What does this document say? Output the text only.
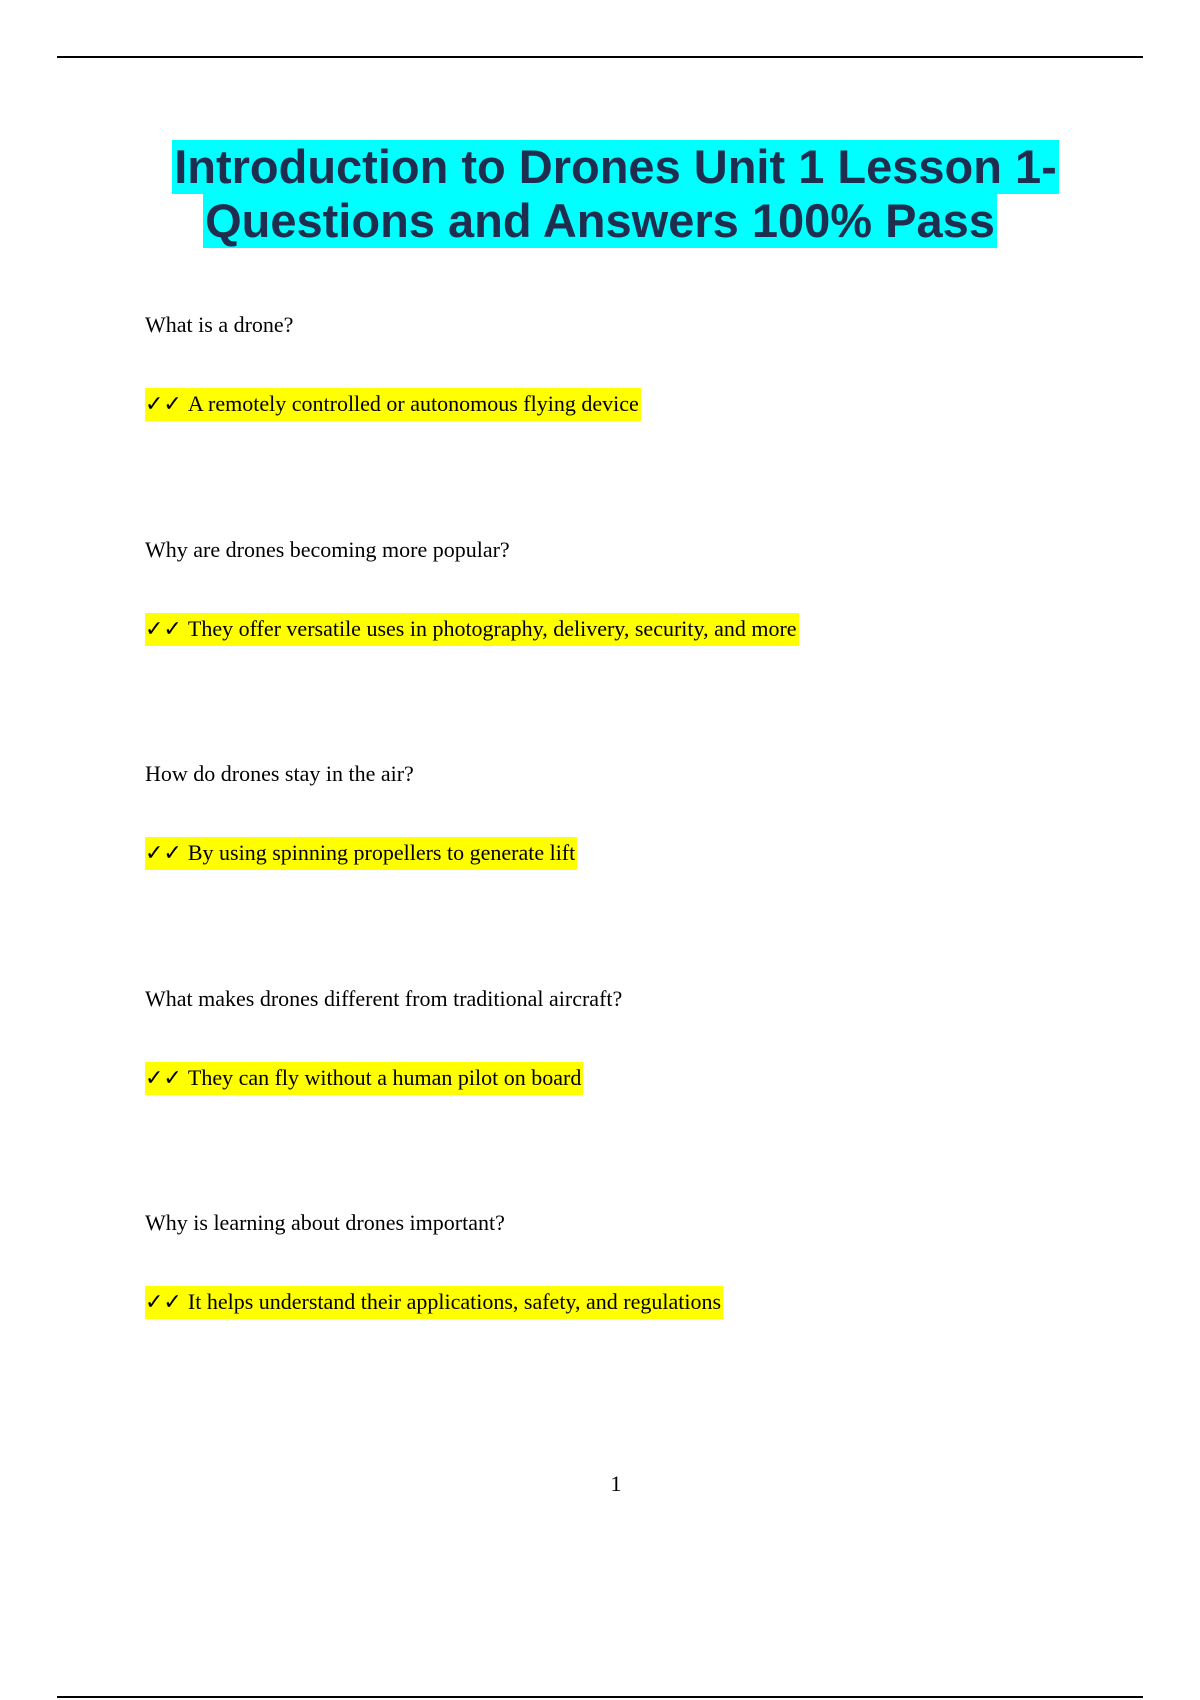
Introduction to Drones Unit 1 Lesson 1-
Questions and Answers 100% Pass
What is a drone?
✓✓ A remotely controlled or autonomous flying device
Why are drones becoming more popular?
✓✓ They offer versatile uses in photography, delivery, security, and more
How do drones stay in the air?
✓✓ By using spinning propellers to generate lift
What makes drones different from traditional aircraft?
✓✓ They can fly without a human pilot on board
Why is learning about drones important?
✓✓ It helps understand their applications, safety, and regulations
1
